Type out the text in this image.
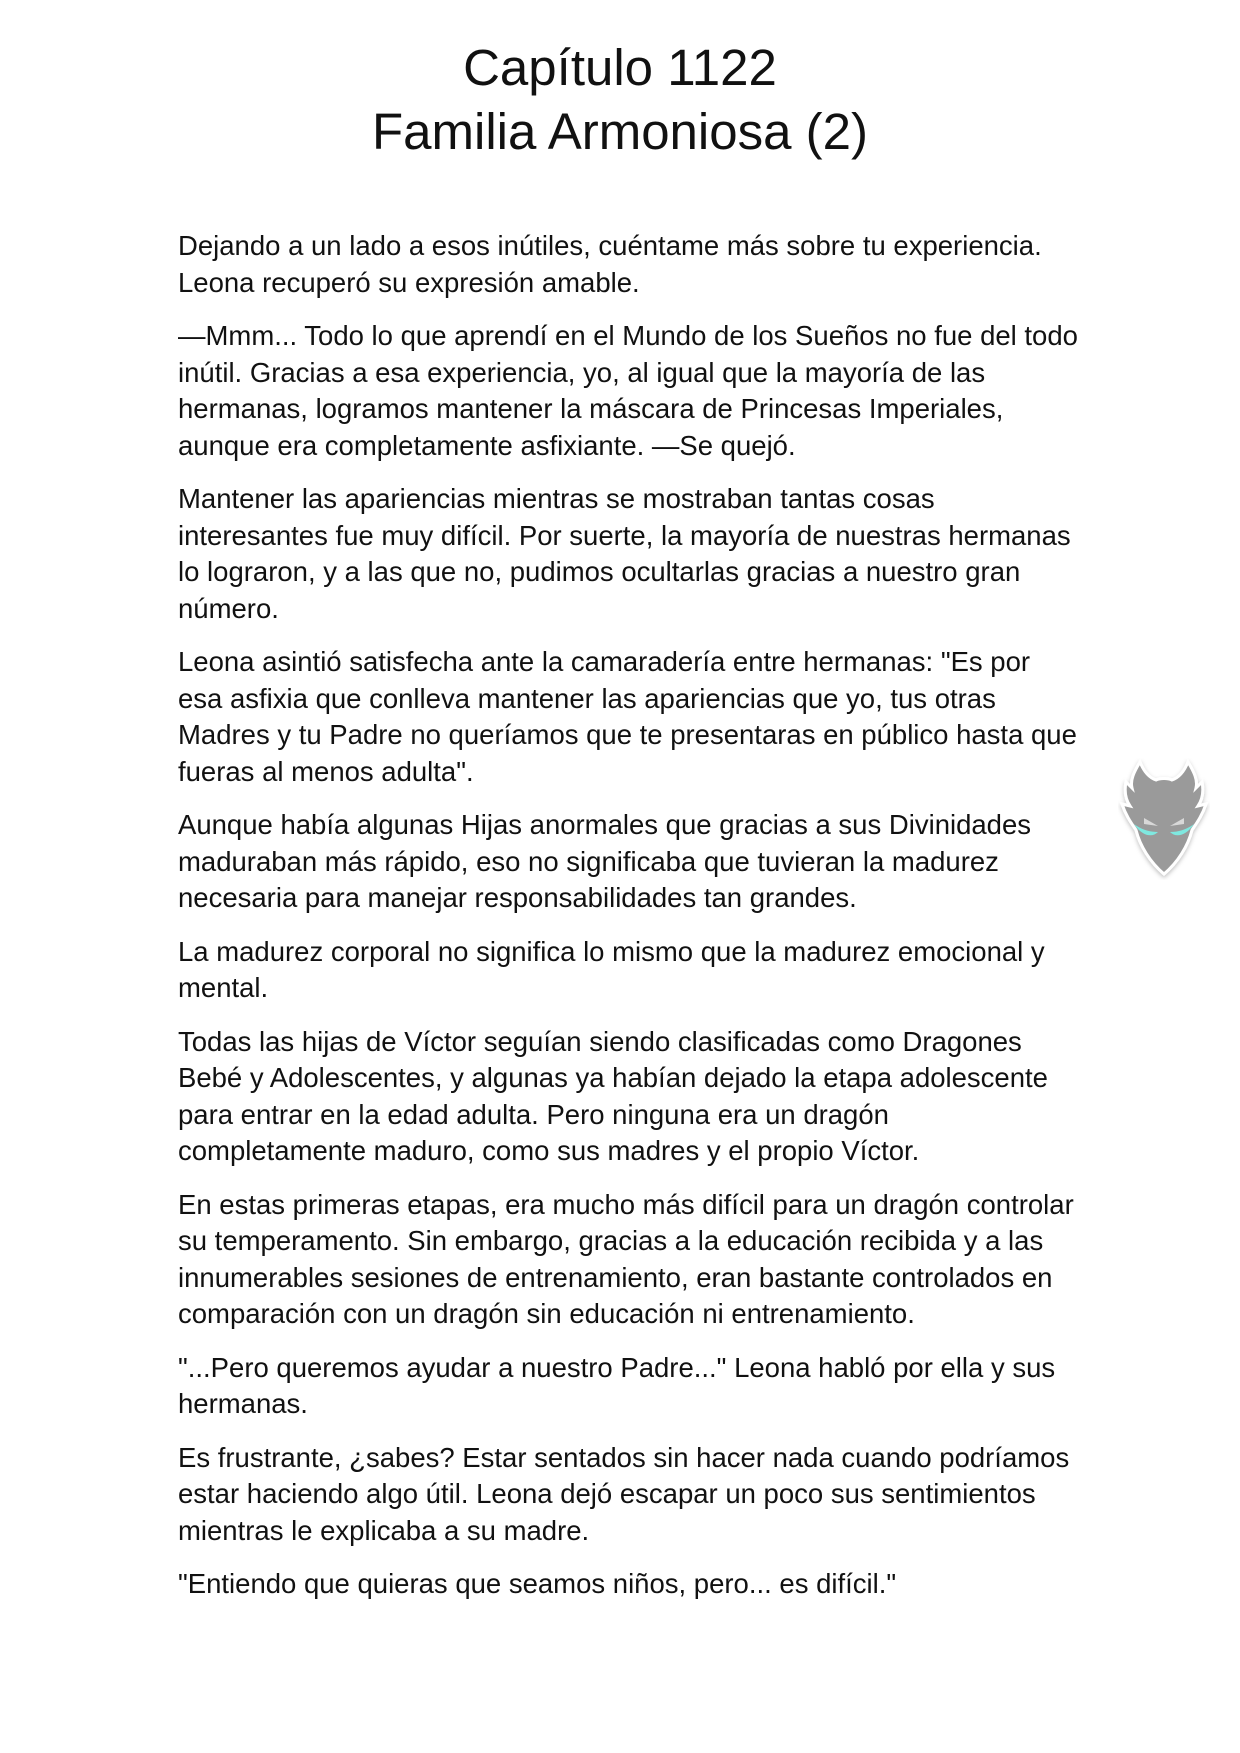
Capítulo 1122
Familia Armoniosa (2)

Dejando a un lado a esos inútiles, cuéntame más sobre tu experiencia. Leona recuperó su expresión amable.

—Mmm... Todo lo que aprendí en el Mundo de los Sueños no fue del todo inútil. Gracias a esa experiencia, yo, al igual que la mayoría de las hermanas, logramos mantener la máscara de Princesas Imperiales, aunque era completamente asfixiante. —Se quejó.

Mantener las apariencias mientras se mostraban tantas cosas interesantes fue muy difícil. Por suerte, la mayoría de nuestras hermanas lo lograron, y a las que no, pudimos ocultarlas gracias a nuestro gran número.

Leona asintió satisfecha ante la camaradería entre hermanas: "Es por esa asfixia que conlleva mantener las apariencias que yo, tus otras Madres y tu Padre no queríamos que te presentaras en público hasta que fueras al menos adulta".

Aunque había algunas Hijas anormales que gracias a sus Divinidades maduraban más rápido, eso no significaba que tuvieran la madurez necesaria para manejar responsabilidades tan grandes.

La madurez corporal no significa lo mismo que la madurez emocional y mental.

Todas las hijas de Víctor seguían siendo clasificadas como Dragones Bebé y Adolescentes, y algunas ya habían dejado la etapa adolescente para entrar en la edad adulta. Pero ninguna era un dragón completamente maduro, como sus madres y el propio Víctor.

En estas primeras etapas, era mucho más difícil para un dragón controlar su temperamento. Sin embargo, gracias a la educación recibida y a las innumerables sesiones de entrenamiento, eran bastante controlados en comparación con un dragón sin educación ni entrenamiento.

"...Pero queremos ayudar a nuestro Padre..." Leona habló por ella y sus hermanas.

Es frustrante, ¿sabes? Estar sentados sin hacer nada cuando podríamos estar haciendo algo útil. Leona dejó escapar un poco sus sentimientos mientras le explicaba a su madre.

"Entiendo que quieras que seamos niños, pero... es difícil."
